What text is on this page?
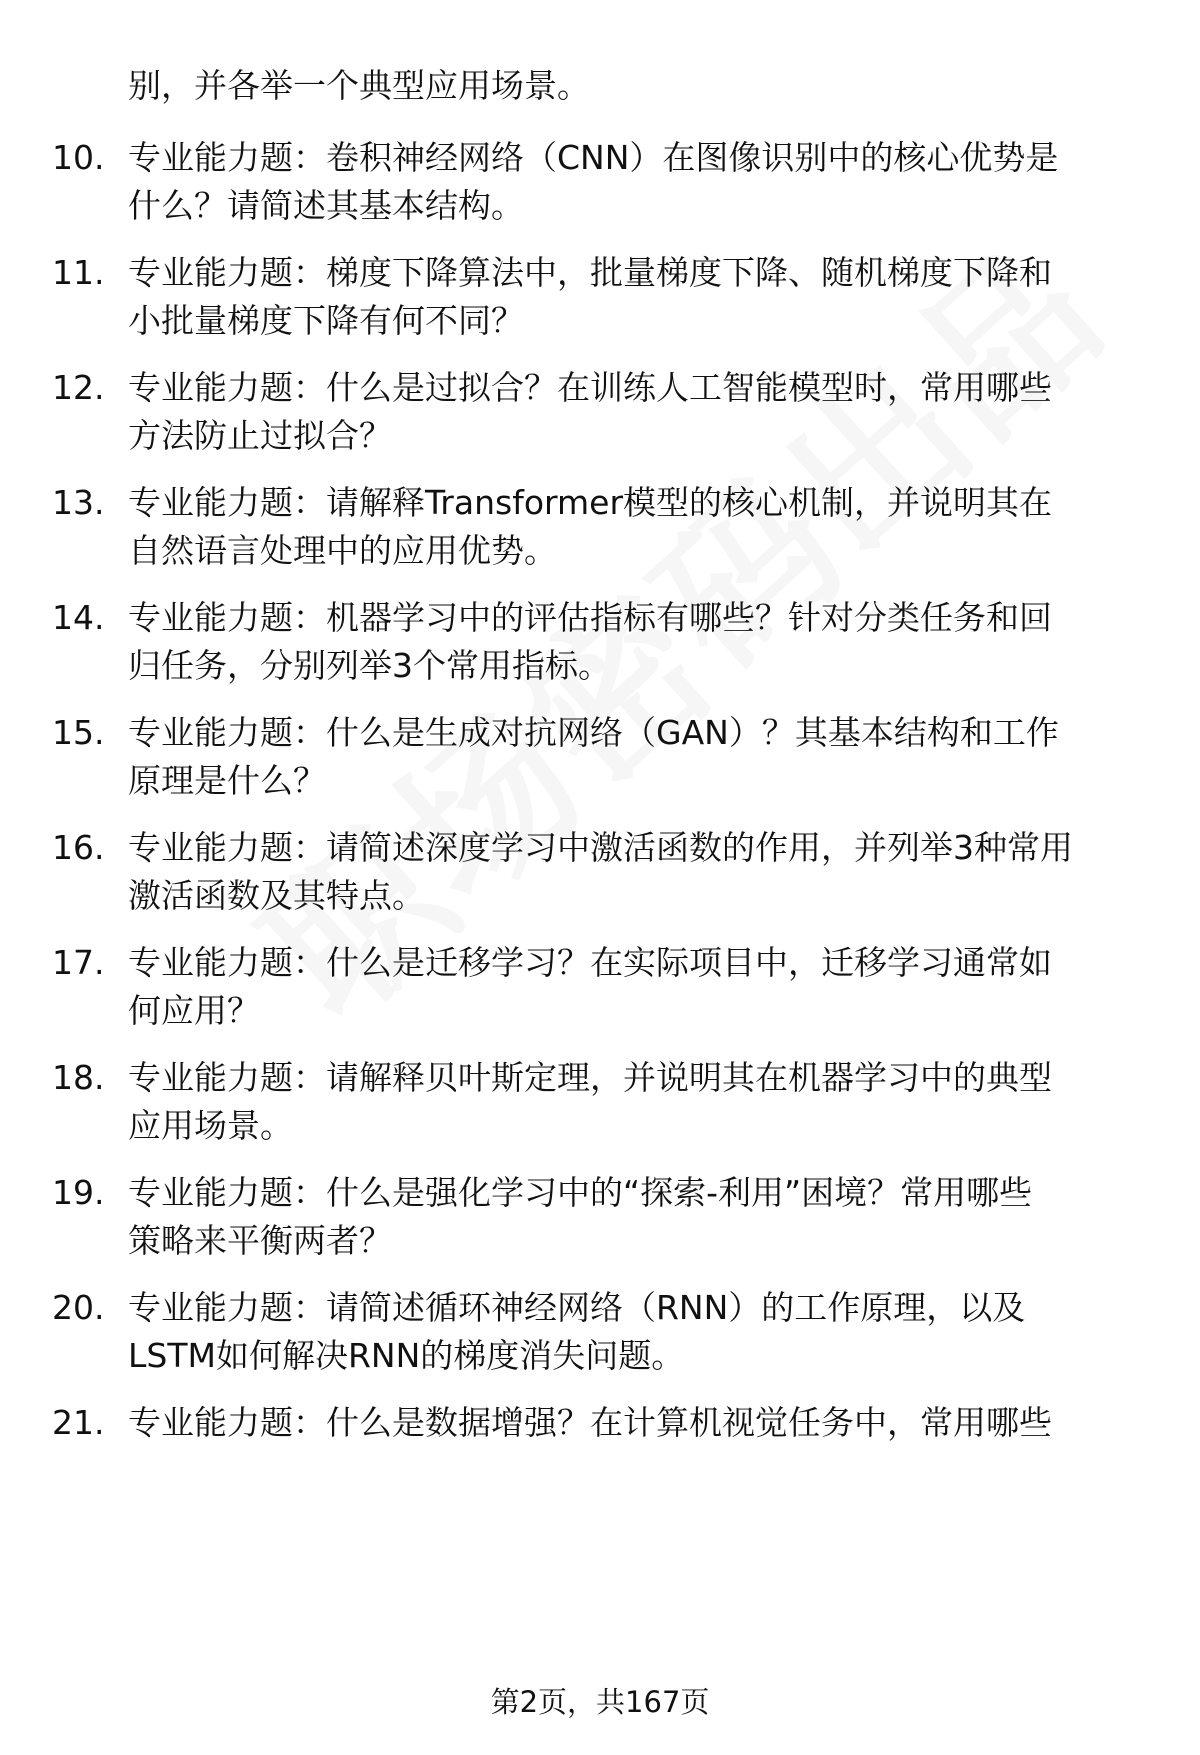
别，并各举一个典型应用场景。
10. 专业能力题：卷积神经网络（CNN）在图像识别中的核心优势是
什么？请简述其基本结构。
11. 专业能力题：梯度下降算法中，批量梯度下降、随机梯度下降和
小批量梯度下降有何不同？
12. 专业能力题：什么是过拟合？在训练人工智能模型时，常用哪些
方法防止过拟合？
13. 专业能力题：请解释Transformer模型的核心机制，并说明其在
自然语言处理中的应用优势。
14. 专业能力题：机器学习中的评估指标有哪些？针对分类任务和回
归任务，分别列举3个常用指标。
15. 专业能力题：什么是生成对抗网络（GAN）？其基本结构和工作
原理是什么？
16. 专业能力题：请简述深度学习中激活函数的作用，并列举3种常用
激活函数及其特点。
17. 专业能力题：什么是迁移学习？在实际项目中，迁移学习通常如
何应用？
18. 专业能力题：请解释贝叶斯定理，并说明其在机器学习中的典型
应用场景。
19. 专业能力题：什么是强化学习中的“探索-利用”困境？常用哪些
策略来平衡两者？
20. 专业能力题：请简述循环神经网络（RNN）的工作原理，以及
LSTM如何解决RNN的梯度消失问题。
21. 专业能力题：什么是数据增强？在计算机视觉任务中，常用哪些
第2页，共167页
